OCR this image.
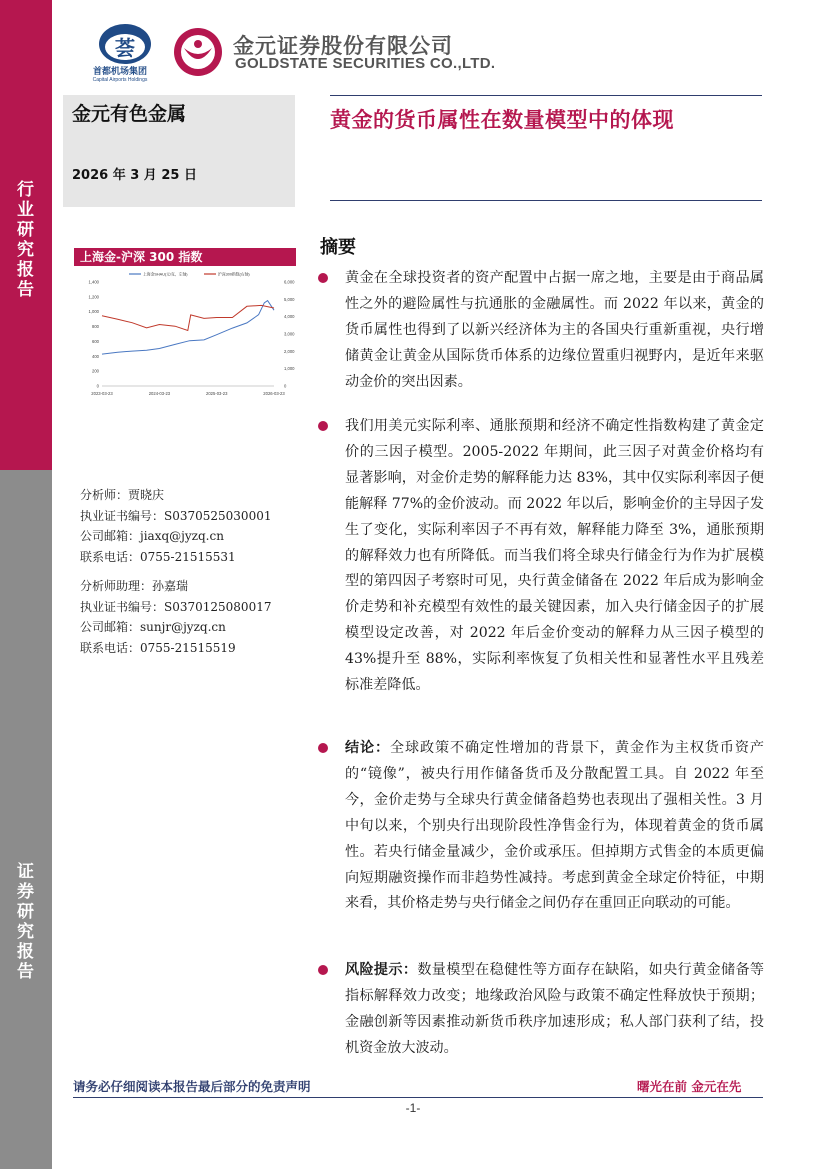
行业研究报告
证券研究报告
荟
首都机场集团
Capital Airports Holdings
金元证券股份有限公司
GOLDSTATE SECURITIES CO.,LTD.
金元有色金属
2026 年 3 月 25 日
黄金的货币属性在数量模型中的体现
上海金-沪深 300 指数
0
200
400
600
800
1,000
1,200
1,400
0
1,000
2,000
3,000
4,000
5,000
6,000
2023-03-23	2024-03-23	2025-03-23	2026-03-23
上海金SHAU(元/克，左轴)	沪深300指数(右轴)
分析师：贾晓庆
执业证书编号：S0370525030001
公司邮箱：jiaxq@jyzq.cn
联系电话：0755-21515531
分析师助理：孙嘉瑞
执业证书编号：S0370125080017
公司邮箱：sunjr@jyzq.cn
联系电话：0755-21515519
摘要
黄金在全球投资者的资产配置中占据一席之地，主要是由于商品属性之外的避险属性与抗通胀的金融属性。而 2022 年以来，黄金的货币属性也得到了以新兴经济体为主的各国央行重新重视，央行增储黄金让黄金从国际货币体系的边缘位置重归视野内，是近年来驱动金价的突出因素。
我们用美元实际利率、通胀预期和经济不确定性指数构建了黄金定价的三因子模型。2005-2022 年期间，此三因子对黄金价格均有显著影响，对金价走势的解释能力达 83%，其中仅实际利率因子便能解释 77%的金价波动。而 2022 年以后，影响金价的主导因子发生了变化，实际利率因子不再有效，解释能力降至 3%，通胀预期的解释效力也有所降低。而当我们将全球央行储金行为作为扩展模型的第四因子考察时可见，央行黄金储备在 2022 年后成为影响金价走势和补充模型有效性的最关键因素，加入央行储金因子的扩展模型设定改善，对 2022 年后金价变动的解释力从三因子模型的 43%提升至 88%，实际利率恢复了负相关性和显著性水平且残差标准差降低。
结论：全球政策不确定性增加的背景下，黄金作为主权货币资产的“镜像”，被央行用作储备货币及分散配置工具。自 2022 年至今，金价走势与全球央行黄金储备趋势也表现出了强相关性。3 月中旬以来，个别央行出现阶段性净售金行为，体现着黄金的货币属性。若央行储金量减少，金价或承压。但掉期方式售金的本质更偏向短期融资操作而非趋势性减持。考虑到黄金全球定价特征，中期来看，其价格走势与央行储金之间仍存在重回正向联动的可能。
风险提示：数量模型在稳健性等方面存在缺陷，如央行黄金储备等指标解释效力改变；地缘政治风险与政策不确定性释放快于预期；金融创新等因素推动新货币秩序加速形成；私人部门获利了结，投机资金放大波动。
请务必仔细阅读本报告最后部分的免责声明	曙光在前 金元在先
-1-
